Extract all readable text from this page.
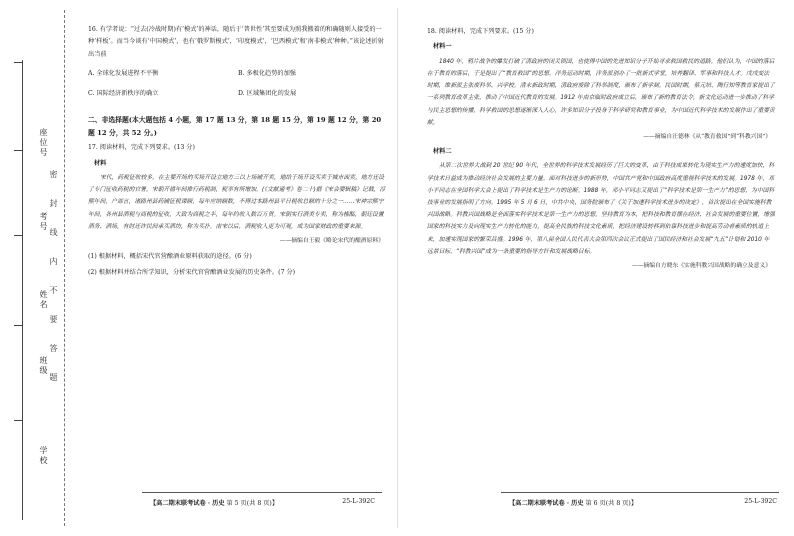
座位号
考号
姓名
班级
学校
密封线内不要答题

16. 有学者说：“过去(冷战时期)有‘模式’的神话，随后于‘普世性’其至要成为照我搬着的和确随则人接受的一种‘样板’。而当今谈有‘中国模式’，也有‘俄罗斯模式’，‘印度模式’，‘巴西模式’和‘南非模式’种种。”该论述折射出当前

A. 全球化发展进程不平衡	B. 多极化趋势的加强
C. 国际经济新秩序的确立	D. 区域集团化的发展
二、非选择题(本大题包括 4 小题，第 17 题 13 分，第 18 题 15 分，第 19 题 12 分，第 20 题 12 分，共 52 分。)
17. 阅读材料，完成下列要求。(13 分)
材料

宋代，药税征收较多，在主要开场的买场开设立地方三以上场铺开卖，地给于场开设买卖于城市面卖，地方还设了专门征收药税的官署，宋朝开禧年间推行药税制，税率有所增加。(《文献通考》卷二十)据《宋会要辑稿》记载，淳熙年间，户部言，诸路州县药铺征税课额，每年应纳额数，不得过本路州县平日税收总额的十分之一……宋神宗熙宁年间，各州县酒税与商税的征收，大致为商税之半，每年约收入数百万贯。宋朝实行酒类专卖，称为榷酤，朝廷设置酒务、酒场，有时还许民间承买酒坊，称为买扑。南宋以后，酒税收入更为可观，成为国家财政的重要来源。

——摘编自王毅《略论宋代的酿酒原料》

(1) 根据材料，概括宋代官营酿酒业原料获取的途径。(6 分)

(2) 根据材料并结合所学知识，分析宋代官营酿酒业发展的历史条件。(7 分)

【高二期末联考试卷 · 历史 第 5 页(共 8 页)】	25-L-392C
18. 阅读材料，完成下列要求。(15 分)
材料一

1840 年，鸦片战争的爆发打破了清政府的闭关锁国，也使得中国的先进知识分子开始寻求救国救民的道路。他们认为，中国的落后在于教育的落后，于是提出了“教育救国”的思想。洋务运动时期，洋务派创办了一批新式学堂，培养翻译、军事和科技人才。戊戌变法时期，维新派主张废科举、兴学校。清末新政时期，清政府废除了科举制度，颁布了新学制。民国时期，蔡元培、陶行知等教育家提出了一系列教育改革主张，推动了中国近代教育的发展。1912 年南京临时政府成立后，颁布了新的教育法令，新文化运动进一步推动了科学与民主思想的传播，科学救国的思想逐渐深入人心，许多知识分子投身于科学研究和教育事业，为中国近代科学技术的发展作出了重要贡献。

——摘编自汪德林《从“教育救国”到“科教兴国”》
材料二

从第二次世界大战到 20 世纪 90 年代，全世界的科学技术发展经历了巨大的变革，由于科技成果转化为现实生产力的速度加快，科学技术日益成为推动经济社会发展的主要力量。面对科技进步的新形势，中国共产党和中国政府高度重视科学技术的发展。1978 年，邓小平同志在全国科学大会上提出了科学技术是生产力的论断。1988 年，邓小平同志又提出了“科学技术是第一生产力”的思想，为中国科技事业的发展指明了方向。1995 年 5 月 6 日，中共中央、国务院颁布了《关于加速科学技术进步的决定》，首次提出在全国实施科教兴国战略。科教兴国战略是全面落实科学技术是第一生产力的思想，坚持教育为本，把科技和教育摆在经济、社会发展的重要位置，增强国家的科技实力及向现实生产力转化的能力，提高全民族的科技文化素质，把经济建设转移到依靠科技进步和提高劳动者素质的轨道上来，加速实现国家的繁荣昌盛。1996 年，第八届全国人民代表大会第四次会议正式提出了国民经济和社会发展“九五”计划和 2010 年远景目标，“科教兴国”成为一条重要的指导方针和发展战略目标。

——摘编自方晓东《实施科教兴国战略的确立及意义》
【高二期末联考试卷 · 历史 第 6 页(共 8 页)】	25-L-392C
